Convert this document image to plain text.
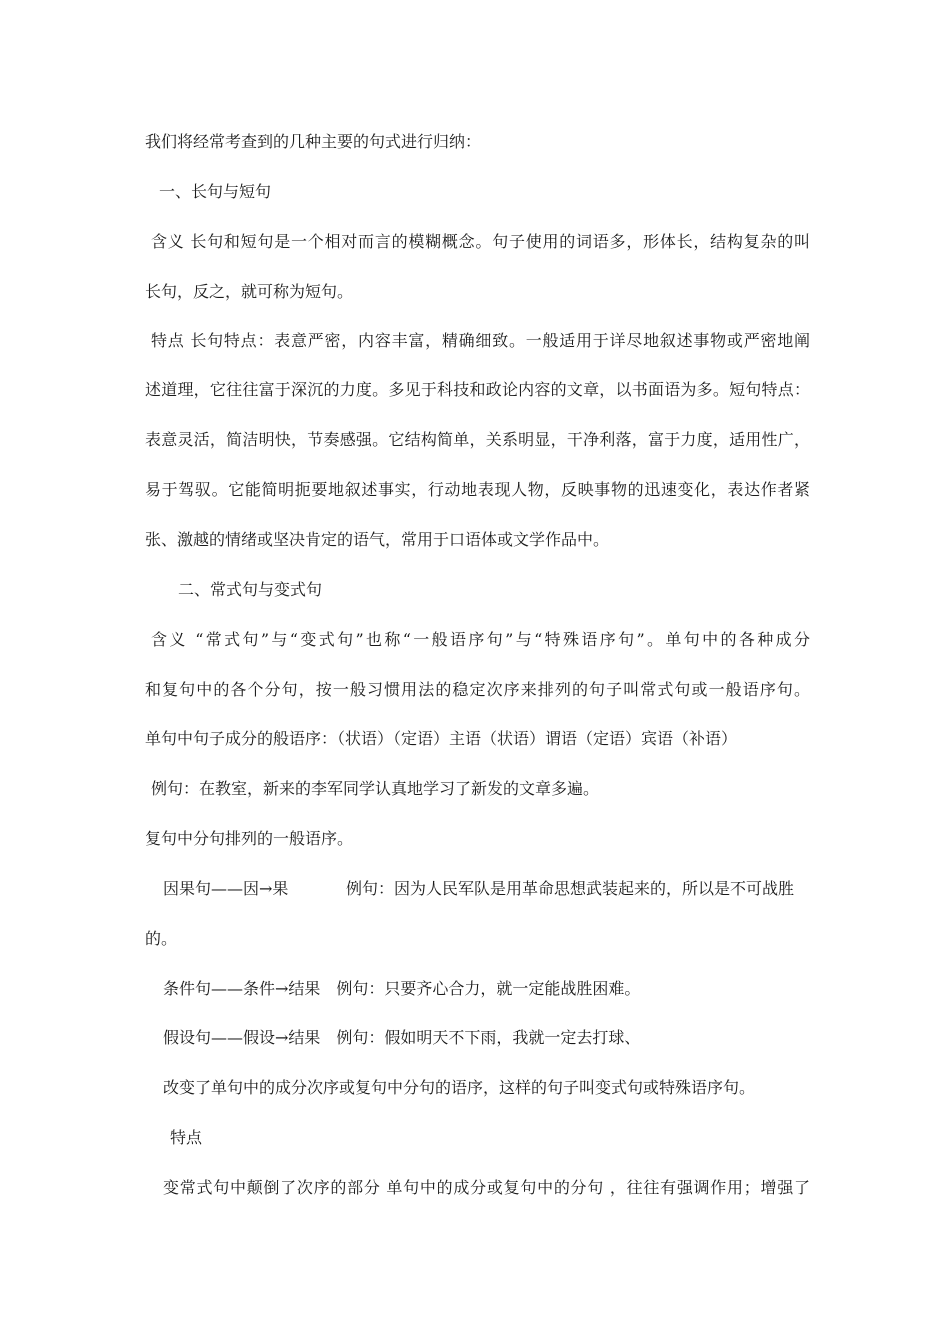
我们将经常考查到的几种主要的句式进行归纳：
一、长句与短句
含义 长句和短句是一个相对而言的模糊概念。句子使用的词语多，形体长，结构复杂的叫
长句，反之，就可称为短句。
特点 长句特点：表意严密，内容丰富，精确细致。一般适用于详尽地叙述事物或严密地阐
述道理，它往往富于深沉的力度。多见于科技和政论内容的文章，以书面语为多。短句特点：
表意灵活，简洁明快，节奏感强。它结构简单，关系明显，干净利落，富于力度，适用性广，
易于驾驭。它能简明扼要地叙述事实，行动地表现人物，反映事物的迅速变化，表达作者紧
张、激越的情绪或坚决肯定的语气，常用于口语体或文学作品中。
二、常式句与变式句
含义 “常式句”与“变式句”也称“一般语序句”与“特殊语序句”。单句中的各种成分
和复句中的各个分句，按一般习惯用法的稳定次序来排列的句子叫常式句或一般语序句。
单句中句子成分的般语序：（状语）（定语）主语（状语）谓语（定语）宾语（补语）
例句：在教室，新来的李军同学认真地学习了新发的文章多遍。
复句中分句排列的一般语序。
因果句——因→果	例句：因为人民军队是用革命思想武装起来的，所以是不可战胜
的。
条件句——条件→结果　例句：只要齐心合力，就一定能战胜困难。
假设句——假设→结果　例句：假如明天不下雨，我就一定去打球、
改变了单句中的成分次序或复句中分句的语序，这样的句子叫变式句或特殊语序句。
特点
变常式句中颠倒了次序的部分 单句中的成分或复句中的分句 ，往往有强调作用；增强了
